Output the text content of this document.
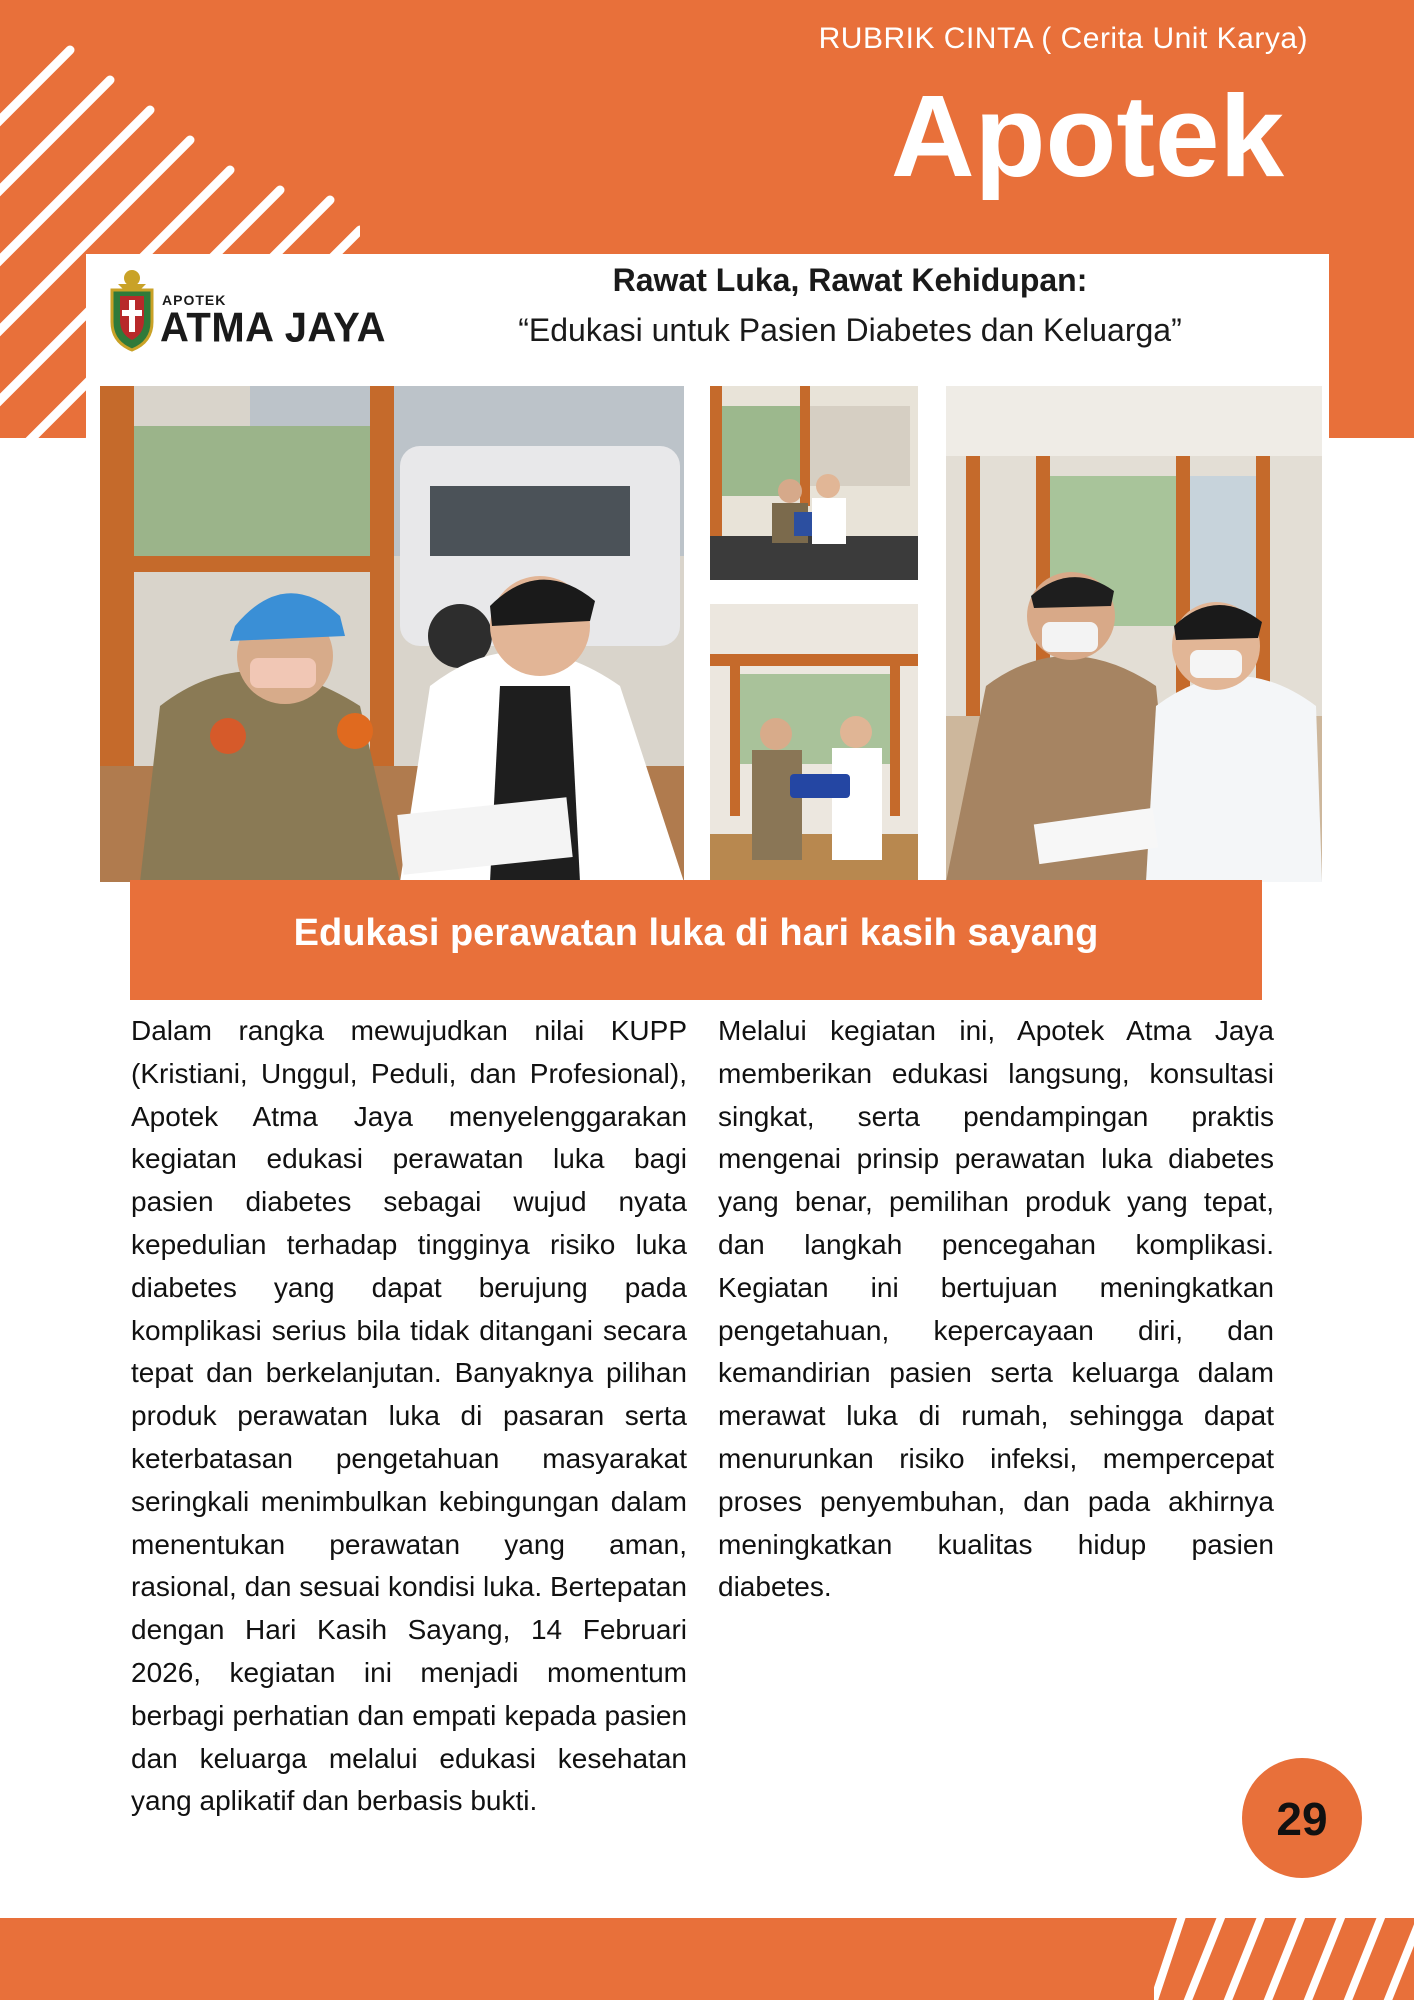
RUBRIK CINTA ( Cerita Unit Karya)
Apotek
APOTEK
ATMA JAYA
Rawat Luka, Rawat Kehidupan:
“Edukasi untuk Pasien Diabetes dan Keluarga”
Edukasi perawatan luka di hari kasih sayang

Dalam rangka mewujudkan nilai KUPP (Kristiani, Unggul, Peduli, dan Profesional), Apotek Atma Jaya menyelenggarakan kegiatan edukasi perawatan luka bagi pasien diabetes sebagai wujud nyata kepedulian terhadap tingginya risiko luka diabetes yang dapat berujung pada komplikasi serius bila tidak ditangani secara tepat dan berkelanjutan. Banyaknya pilihan produk perawatan luka di pasaran serta keterbatasan pengetahuan masyarakat seringkali menimbulkan kebingungan dalam menentukan perawatan yang aman, rasional, dan sesuai kondisi luka. Bertepatan dengan Hari Kasih Sayang, 14 Februari 2026, kegiatan ini menjadi momentum berbagi perhatian dan empati kepada pasien dan keluarga melalui edukasi kesehatan yang aplikatif dan berbasis bukti.

Melalui kegiatan ini, Apotek Atma Jaya memberikan edukasi langsung, konsultasi singkat, serta pendampingan praktis mengenai prinsip perawatan luka diabetes yang benar, pemilihan produk yang tepat, dan langkah pencegahan komplikasi. Kegiatan ini bertujuan meningkatkan pengetahuan, kepercayaan diri, dan kemandirian pasien serta keluarga dalam merawat luka di rumah, sehingga dapat menurunkan risiko infeksi, mempercepat proses penyembuhan, dan pada akhirnya meningkatkan kualitas hidup pasien diabetes.

29
